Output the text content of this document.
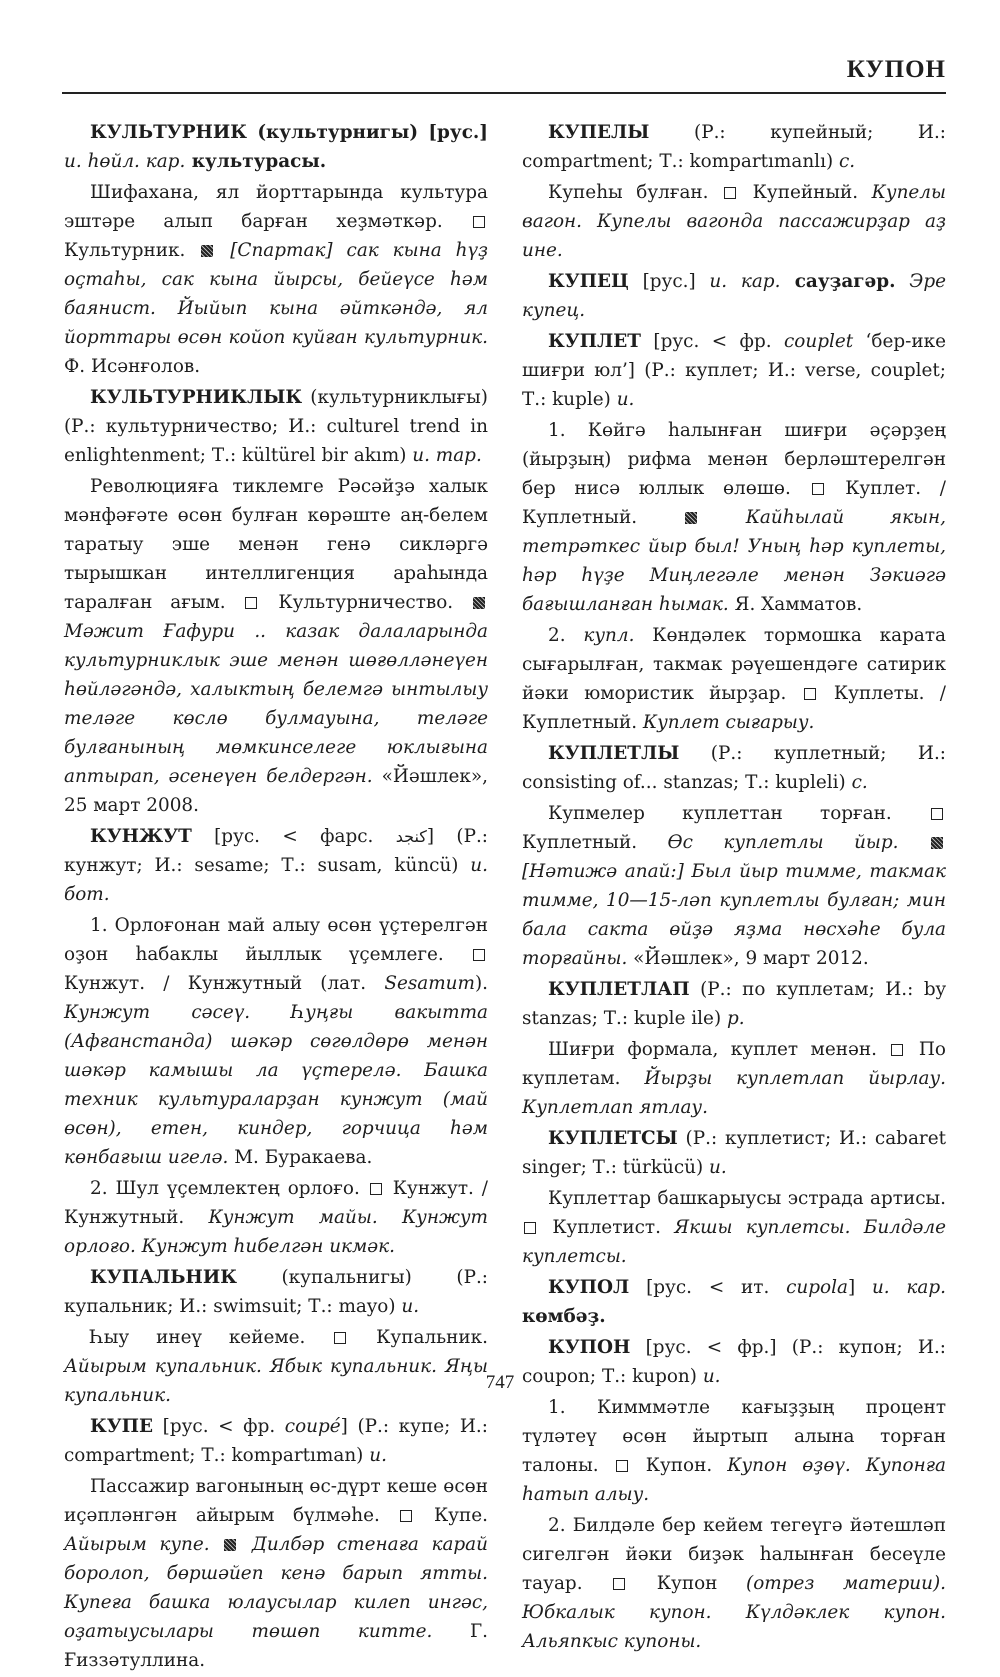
КУПОН

КУЛЬТУРНИК (культурнигы) [рус.] и. һөйл. кар. культурасы.

Шифахана, ял йорттарында культура эштәре алып барған хеҙмәткәр.  Культурник.  [Спартак] сак кына һүҙ оҫтаһы, сак кына йырсы, бейеүсе һәм баянист. Йыйып кына әйткәндә, ял йорттары өсөн койоп куйған культурник. Ф. Исәнғолов.

КУЛЬТУРНИКЛЫК (культурниклығы) (Р.: культурничество; И.: culturel trend in enlightenment; Т.: kültürel bir akım) и. тар.

Революцияға тиклемге Рәсәйҙә халык мәнфәғәте өсөн булған көрәште аң-белем таратыу эше менән генә сикләргә тырышкан интеллигенция араһында таралған ағым.  Культурничество.  Мәжит Ғафури .. казак далаларында культурниклык эше менән шөғөлләнеүен һөйләгәндә, халыктың белемгә ынтылыу теләге көслө булмауына, теләге булғанының мөмкинселеге юклығына аптырап, әсенеүен белдергән. «Йәшлек», 25 март 2008.

КУНЖУТ [рус. < фарс. کنجد] (Р.: кунжут; И.: sesame; Т.: susam, küncü) и. бот.

1. Орлоғонан май алыу өсөн үҫтерелгән оҙон һабаклы йыллык үҫемлеге.  Кунжут. / Кунжутный (лат. Sesamum). Кунжут сәсеү. Һуңғы вакытта (Афғанстанда) шәкәр сөгөлдөрө менән шәкәр камышы ла үҫтерелә. Башка техник культураларҙан кунжут (май өсөн), етен, киндер, горчица һәм көнбағыш игелә. М. Буракаева.

2. Шул үҫемлектең орлоғо.  Кунжут. / Кунжутный. Кунжут майы. Кунжут орлоғо. Кунжут һибелгән икмәк.

КУПАЛЬНИК (купальнигы) (Р.: купальник; И.: swimsuit; Т.: mayo) и.

Һыу инеү кейеме.  Купальник. Айырым купальник. Ябык купальник. Яңы купальник.

КУПЕ [рус. < фр. coupé] (Р.: купе; И.: compartment; Т.: kompartıman) и.

Пассажир вагонының өс-дүрт кеше өсөн иҫәпләнгән айырым бүлмәһе.  Купе. Айырым купе.  Дилбәр стенаға карай боролоп, бөршәйеп кенә барып ятты. Купеға башка юлаусылар килеп ингәс, оҙатыусылары төшөп китте. Г. Ғиззәтуллина.

КУПЕЛЫ (Р.: купейный; И.: compartment; Т.: kompartımanlı) с.

Купеһы булған.  Купейный. Купелы вагон. Купелы вагонда пассажирҙар аҙ ине.

КУПЕЦ [рус.] и. кар. сауҙагәр. Эре купец.

КУПЛЕТ [рус. < фр. couplet ‘бер-ике шиғри юл’] (Р.: куплет; И.: verse, couplet; Т.: kuple) и.

1. Көйгә һалынған шиғри әҫәрҙең (йырҙың) рифма менән берләштерелгән бер нисә юллык өлөшө.  Куплет. / Куплетный.  Кайһылай якын, тетрәткес йыр был! Уның һәр куплеты, һәр һүҙе Миңлегәле менән Зәкиәгә бағышланған һымак. Я. Хамматов.

2. купл. Көндәлек тормошка карата сығарылған, такмак рәүешендәге сатирик йәки юмористик йырҙар.  Куплеты. / Куплетный. Куплет сығарыу.

КУПЛЕТЛЫ (Р.: куплетный; И.: consisting of... stanzas; Т.: kupleli) с.

Купмелер куплеттан торған.  Куплетный. Өс куплетлы йыр.  [Нәтижә апай:] Был йыр тимме, такмак тимме, 10—15-ләп куплетлы булған; мин бала сакта өйҙә яҙма нөсхәһе була торғайны. «Йәшлек», 9 март 2012.

КУПЛЕТЛАП (Р.: по куплетам; И.: by stanzas; Т.: kuple ile) р.

Шиғри формала, куплет менән.  По куплетам. Йырҙы куплетлап йырлау. Куплетлап ятлау.

КУПЛЕТСЫ (Р.: куплетист; И.: cabaret singer; Т.: türkücü) и.

Куплеттар башкарыусы эстрада артисы.  Куплетист. Якшы куплетсы. Билдәле куплетсы.

КУПОЛ [рус. < ит. cupola] и. кар. көмбәҙ.

КУПОН [рус. < фр.] (Р.: купон; И.: coupon; Т.: kupon) и.

1. Кимммәтле кағыҙҙың процент түләтеү өсөн йыртып алына торған талоны.  Купон. Купон өҙөү. Купонға һатып алыу.

2. Билдәле бер кейем тегеүгә йәтешләп сигелгән йәки биҙәк һалынған бесеүле тауар.  Купон (отрез материи). Юбкалык купон. Күлдәклек купон. Альяпкыс купоны.

747
